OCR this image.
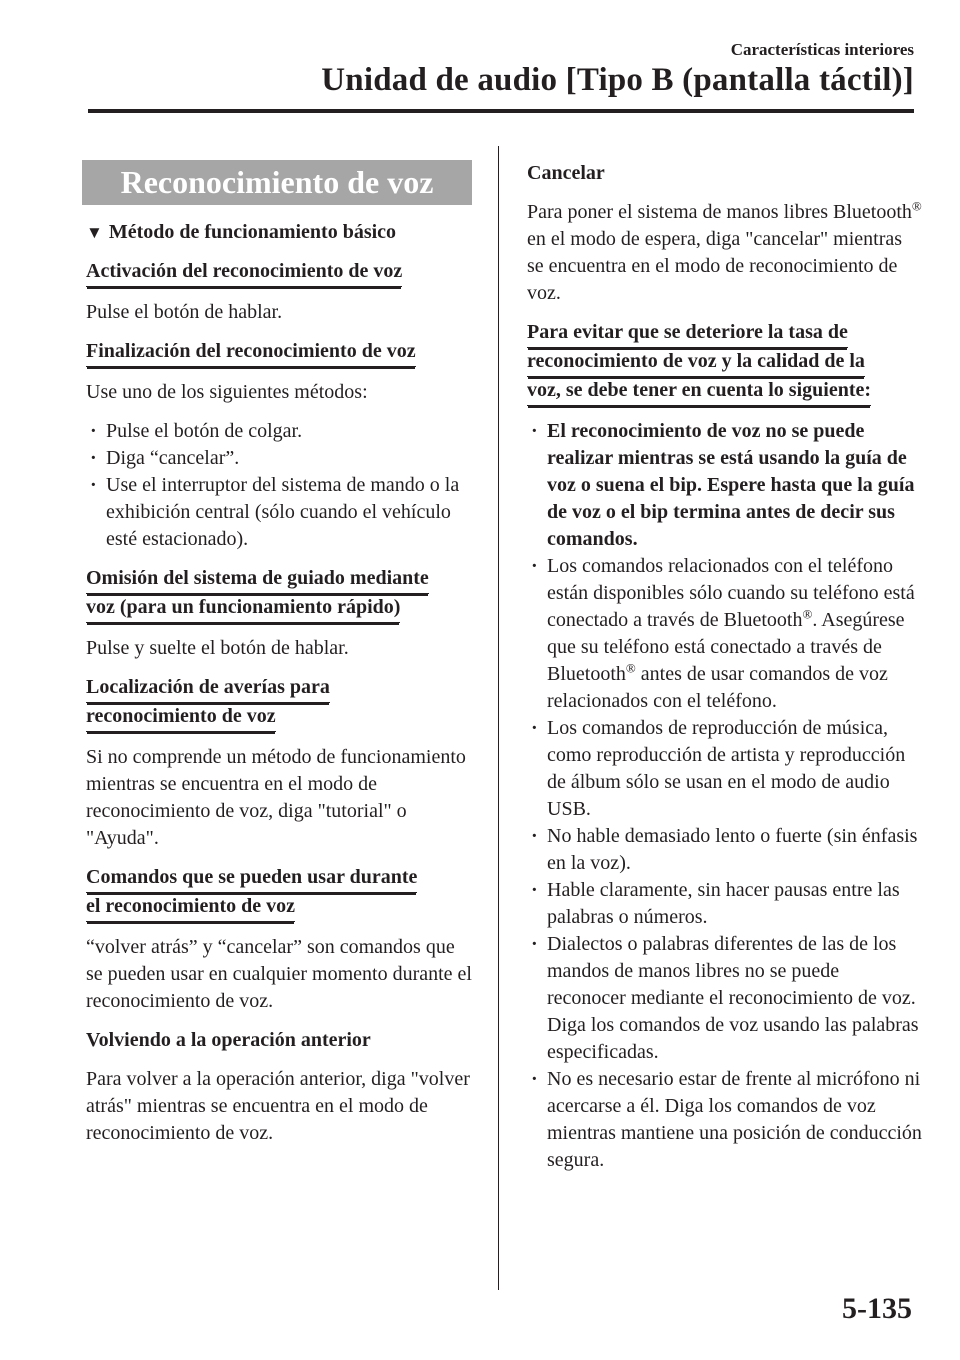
Características interiores
Unidad de audio [Tipo B (pantalla táctil)]
Reconocimiento de voz
▼ Método de funcionamiento básico
Activación del reconocimiento de voz

Pulse el botón de hablar.

Finalización del reconocimiento de voz

Use uno de los siguientes métodos:

· Pulse el botón de colgar.
· Diga “cancelar”.
· Use el interruptor del sistema de mando o la exhibición central (sólo cuando el vehículo esté estacionado).
Omisión del sistema de guiado mediante
voz (para un funcionamiento rápido)

Pulse y suelte el botón de hablar.

Localización de averías para
reconocimiento de voz

Si no comprende un método de funcionamiento mientras se encuentra en el modo de reconocimiento de voz, diga "tutorial" o "Ayuda".

Comandos que se pueden usar durante
el reconocimiento de voz

“volver atrás” y “cancelar” son comandos que se pueden usar en cualquier momento durante el reconocimiento de voz.

Volviendo a la operación anterior

Para volver a la operación anterior, diga "volver atrás" mientras se encuentra en el modo de reconocimiento de voz.

Cancelar

Para poner el sistema de manos libres Bluetooth® en el modo de espera, diga "cancelar" mientras se encuentra en el modo de reconocimiento de voz.

Para evitar que se deteriore la tasa de
reconocimiento de voz y la calidad de la
voz, se debe tener en cuenta lo siguiente:
· El reconocimiento de voz no se puede realizar mientras se está usando la guía de voz o suena el bip. Espere hasta que la guía de voz o el bip termina antes de decir sus comandos.
· Los comandos relacionados con el teléfono están disponibles sólo cuando su teléfono está conectado a través de Bluetooth®. Asegúrese que su teléfono está conectado a través de Bluetooth® antes de usar comandos de voz relacionados con el teléfono.
· Los comandos de reproducción de música, como reproducción de artista y reproducción de álbum sólo se usan en el modo de audio USB.
· No hable demasiado lento o fuerte (sin énfasis en la voz).
· Hable claramente, sin hacer pausas entre las palabras o números.
· Dialectos o palabras diferentes de las de los mandos de manos libres no se puede reconocer mediante el reconocimiento de voz. Diga los comandos de voz usando las palabras especificadas.
· No es necesario estar de frente al micrófono ni acercarse a él. Diga los comandos de voz mientras mantiene una posición de conducción segura.
5-135
